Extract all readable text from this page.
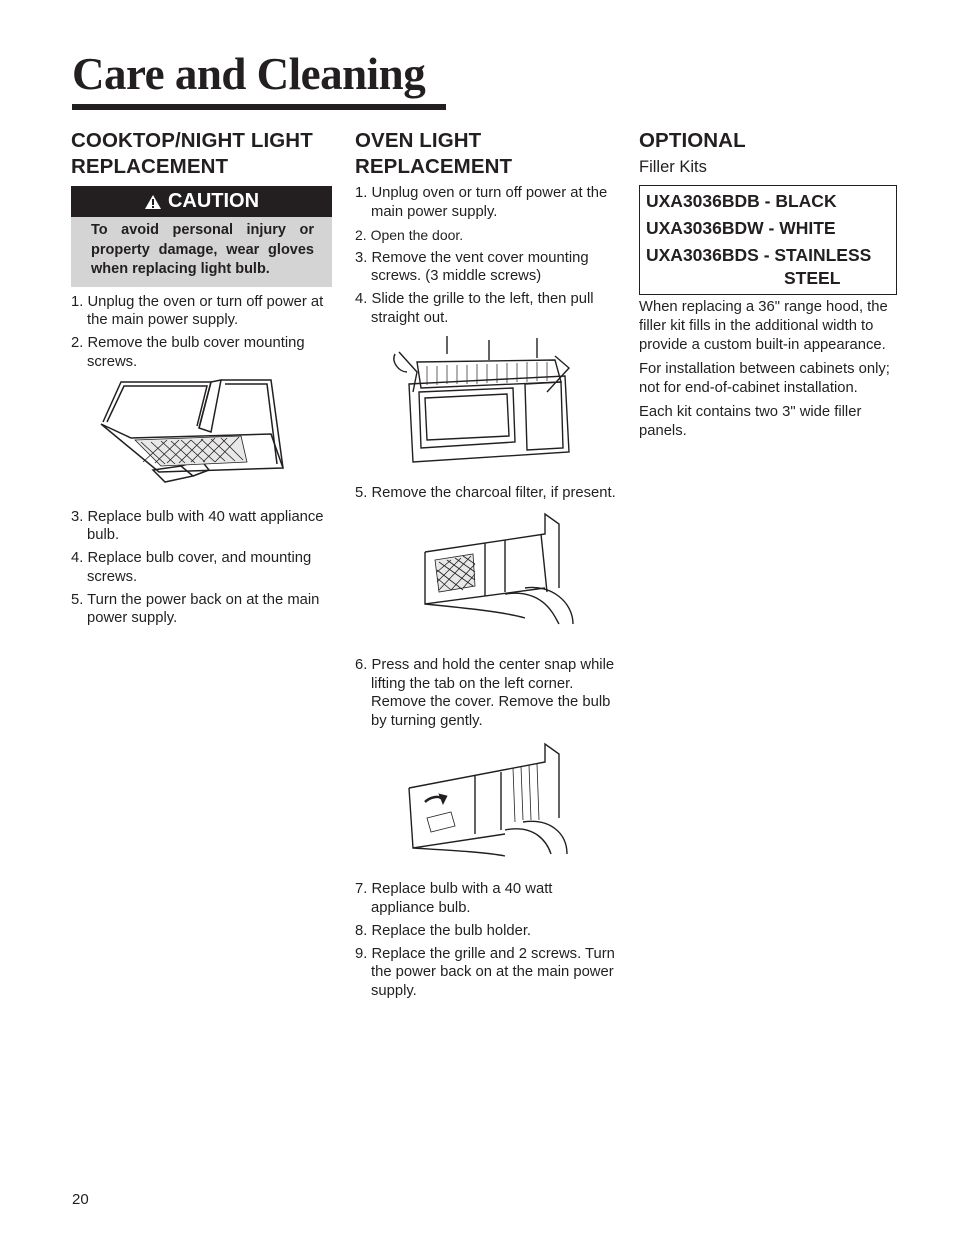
Care and Cleaning
COOKTOP/NIGHT LIGHT
REPLACEMENT
CAUTION
To avoid personal injury or property damage, wear gloves when replacing light bulb.
1. Unplug the oven or turn off power at the main power supply.
2. Remove the bulb cover mounting screws.
3. Replace bulb with 40 watt appliance bulb.
4. Replace bulb cover, and mounting screws.
5. Turn the power back on at the main power supply.
OVEN LIGHT
REPLACEMENT
1. Unplug oven or turn off power at the main power supply.
2. Open the door.
3. Remove the vent cover mounting screws. (3 middle screws)
4. Slide the grille to the left, then pull straight out.
5. Remove the charcoal filter, if present.
6. Press and hold the center snap while lifting the tab on the left corner. Remove the cover. Remove the bulb by turning gently.
7. Replace bulb with a 40 watt appliance bulb.
8. Replace the bulb holder.
9. Replace the grille and 2 screws. Turn the power back on at the main power supply.
OPTIONAL
Filler Kits
UXA3036BDB - BLACK
UXA3036BDW - WHITE
UXA3036BDS - STAINLESS
STEEL

When replacing a 36" range hood, the filler kit fills in the additional width to provide a custom built-in appearance.

For installation between cabinets only; not for end-of-cabinet installation.

Each kit contains two 3" wide filler panels.

20
